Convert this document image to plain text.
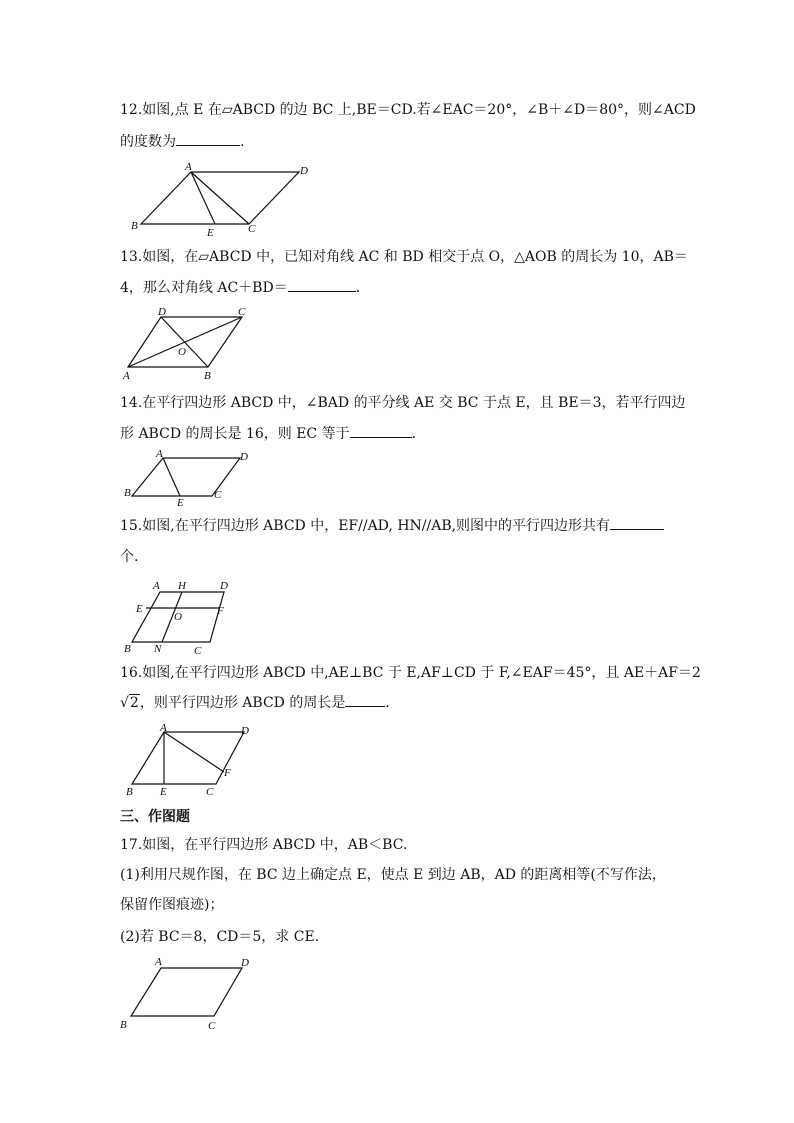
12.如图,点 E 在▱ABCD 的边 BC 上,BE＝CD.若∠EAC＝20°，∠B＋∠D＝80°，则∠ACD
的度数为	.
A	D
B
E	C
13.如图，在▱ABCD 中，已知对角线 AC 和 BD 相交于点 O，△AOB 的周长为 10，AB＝
4，那么对角线 AC＋BD＝	.
D	C
O
A	B
14.在平行四边形 ABCD 中，∠BAD 的平分线 AE 交 BC 于点 E，且 BE＝3，若平行四边
形 ABCD 的周长是 16，则 EC 等于	.
A	D
B
E
C
15.如图,在平行四边形 ABCD 中，EF//AD, HN//AB,则图中的平行四边形共有
个.
A H	D
E	F
O
B N	C
16.如图,在平行四边形 ABCD 中,AE⊥BC 于 E,AF⊥CD 于 F,∠EAF＝45°，且 AE＋AF＝2
√2，则平行四边形 ABCD 的周长是	.
A	D
F
B E	C
三、作图题
17.如图，在平行四边形 ABCD 中，AB＜BC.
(1)利用尺规作图，在 BC 边上确定点 E，使点 E 到边 AB，AD 的距离相等(不写作法，
保留作图痕迹)；
(2)若 BC＝8，CD＝5，求 CE.
A	D
B	C
